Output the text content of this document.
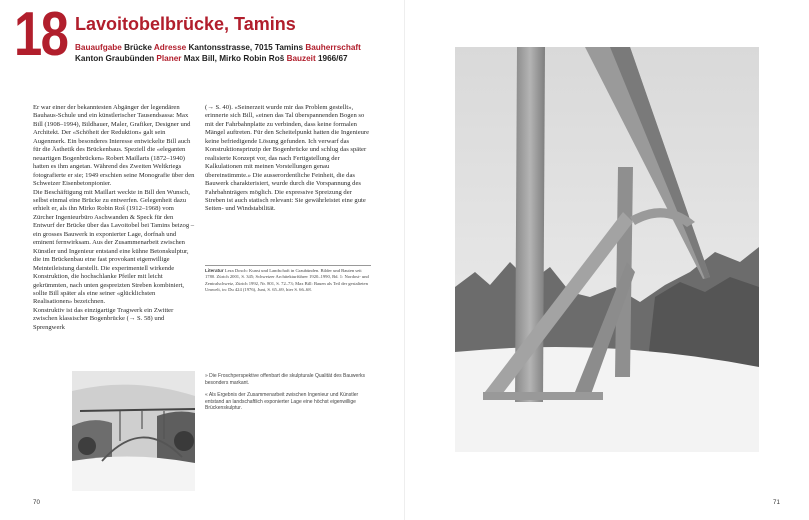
18 Lavoitobelbrücke, Tamins

Bauaufgabe Brücke Adresse Kantonsstrasse, 7015 Tamins Bauherrschaft Kanton Graubünden Planer Max Bill, Mirko Robin Roš Bauzeit 1966/67

Er war einer der bekanntesten Abgänger der legendären Bauhaus-Schule und ein künstlerischer Tausendsassa: Max Bill (1908–1994), Bildhauer, Maler, Grafiker, Designer und Architekt. Der «Schöheit der Reduktion» galt sein Augenmerk. Ein besonderes Interesse entwickelte Bill auch für die Ästhetik des Brückenbaus. Speziell die «eleganten neuartigen Bogenbrücken» Robert Maillarts (1872–1940) hatten es ihm angetan. Während des Zweiten Weltkriegs fotografierte er sie; 1949 erschien seine Monografie über den Schweizer Eisenbetonpionier.

Die Beschäftigung mit Maillart weckte in Bill den Wunsch, selbst einmal eine Brücke zu entwerfen. Gelegenheit dazu erhielt er, als ihn Mirko Robin Roš (1912–1968) vom Zürcher Ingenieurbüro Aschwanden & Speck für den Entwurf der Brücke über das Lavoitobel bei Tamins beizog – ein grosses Bauwerk in exponierter Lage, dorfnah und eminent fernwirksam. Aus der Zusammenarbeit zwischen Künstler und Ingenieur entstand eine kühne Betonskulptur, die im Brückenbau eine fast provokant eigenwillige Meinteileistung darstellt. Die experimentell wirkende Konstruktion, die hochschlanke Pfeiler mit leicht gekrümmten, nach unten gespreizten Streben kombiniert, sollte Bill später als eine seiner «glücklichsten Realisationen» bezeichnen.

Konstruktiv ist das einzigartige Tragwerk ein Zwitter zwischen klassischer Bogenbrücke (→ S. 58) und Sprengwerk

(→ S. 40). «Seinerzeit wurde mir das Problem gestellt», erinnerte sich Bill, «einen das Tal überspannenden Bogen so mit der Fahrbahnplatte zu verbinden, dass keine formalen Mängel auftreten. Für den Scheitelpunkt hatten die Ingenieure keine befriedigende Lösung gefunden. Ich verwarf das Konstruktionsprinzip der Bogenbrücke und schlug das später realisierte Konzept vor, das nach Fertigstellung der Kalkulationen mit meinen Vorstellungen genau übereinstimmte.» Die ausserordentliche Feinheit, die das Bauwerk charakterisiert, wurde durch die Vorspannung des Fahrbahnträgers möglich. Die expressive Spreizung der Streben ist auch statisch relevant: Sie gewährleistet eine gute Seiten- und Windstabilität.

Literatur Leza Dosch: Kunst und Landschaft in Graubünden. Bilder und Bauten seit 1780. Zürich 2001, S. 345; Schweizer Architekturführer 1920–1990, Bd. 1: Nordost- und Zentralschweiz, Zürich 1992, Nr. 801, S. 72–73; Max Bill: Bauen als Teil der gestalteten Umwelt, in: Du 424 (1976), Juni, S. 65–69, hier S. 66–68.
» Die Froschperspektive offenbart die skulpturale Qualität des Bauwerks besonders markant.
« Als Ergebnis der Zusammenarbeit zwischen Ingenieur und Künstler entstand an landschaftlich exponierter Lage eine höchst eigenwillige Brückenskulptur.
70	71
